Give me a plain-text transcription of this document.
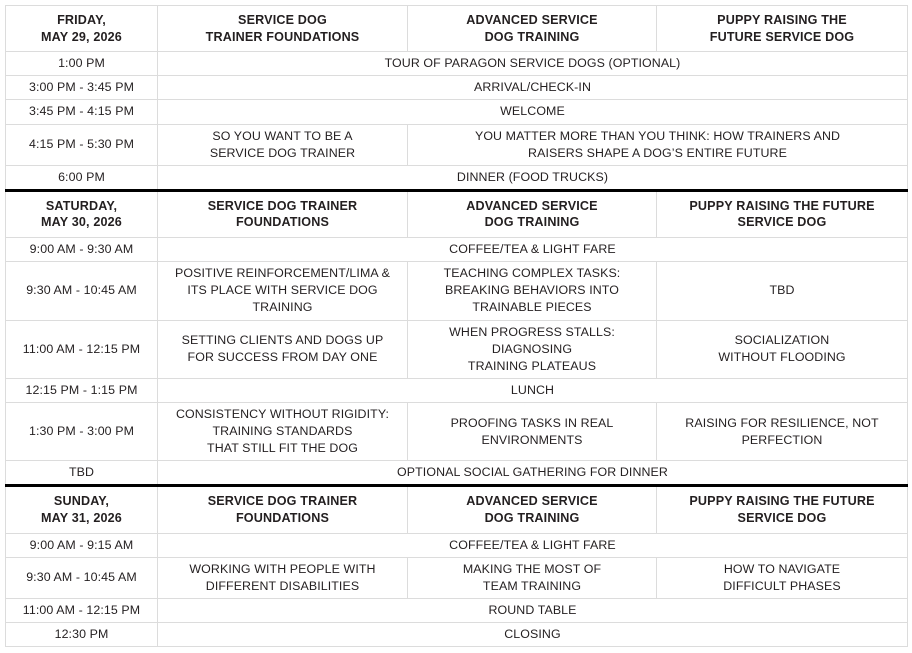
FRIDAY,
MAY 29, 2026	SERVICE DOG
TRAINER FOUNDATIONS	ADVANCED SERVICE
DOG TRAINING	PUPPY RAISING THE
FUTURE SERVICE DOG

1:00 PM	TOUR OF PARAGON SERVICE DOGS (OPTIONAL)		
3:00 PM - 3:45 PM	ARRIVAL/CHECK-IN		
3:45 PM - 4:15 PM	WELCOME		
4:15 PM - 5:30 PM	SO YOU WANT TO BE A
SERVICE DOG TRAINER	YOU MATTER MORE THAN YOU THINK: HOW TRAINERS AND
RAISERS SHAPE A DOG’S ENTIRE FUTURE	

6:00 PM	DINNER (FOOD TRUCKS)		

SATURDAY,
MAY 30, 2026	SERVICE DOG TRAINER
FOUNDATIONS	ADVANCED SERVICE
DOG TRAINING	PUPPY RAISING THE FUTURE
SERVICE DOG

9:00 AM - 9:30 AM	COFFEE/TEA & LIGHT FARE		
9:30 AM - 10:45 AM	POSITIVE REINFORCEMENT/LIMA &
ITS PLACE WITH SERVICE DOG
TRAINING	TEACHING COMPLEX TASKS:
BREAKING BEHAVIORS INTO
TRAINABLE PIECES	TBD

11:00 AM - 12:15 PM	SETTING CLIENTS AND DOGS UP
FOR SUCCESS FROM DAY ONE	WHEN PROGRESS STALLS:
DIAGNOSING
TRAINING PLATEAUS	SOCIALIZATION
WITHOUT FLOODING

12:15 PM - 1:15 PM	LUNCH		
1:30 PM - 3:00 PM	CONSISTENCY WITHOUT RIGIDITY:
TRAINING STANDARDS
THAT STILL FIT THE DOG	PROOFING TASKS IN REAL
ENVIRONMENTS	RAISING FOR RESILIENCE, NOT
PERFECTION

TBD	OPTIONAL SOCIAL GATHERING FOR DINNER		

SUNDAY,
MAY 31, 2026	SERVICE DOG TRAINER
FOUNDATIONS	ADVANCED SERVICE
DOG TRAINING	PUPPY RAISING THE FUTURE
SERVICE DOG

9:00 AM - 9:15 AM	COFFEE/TEA & LIGHT FARE		
9:30 AM - 10:45 AM	WORKING WITH PEOPLE WITH
DIFFERENT DISABILITIES	MAKING THE MOST OF
TEAM TRAINING	HOW TO NAVIGATE
DIFFICULT PHASES

11:00 AM - 12:15 PM	ROUND TABLE		
12:30 PM	CLOSING		
